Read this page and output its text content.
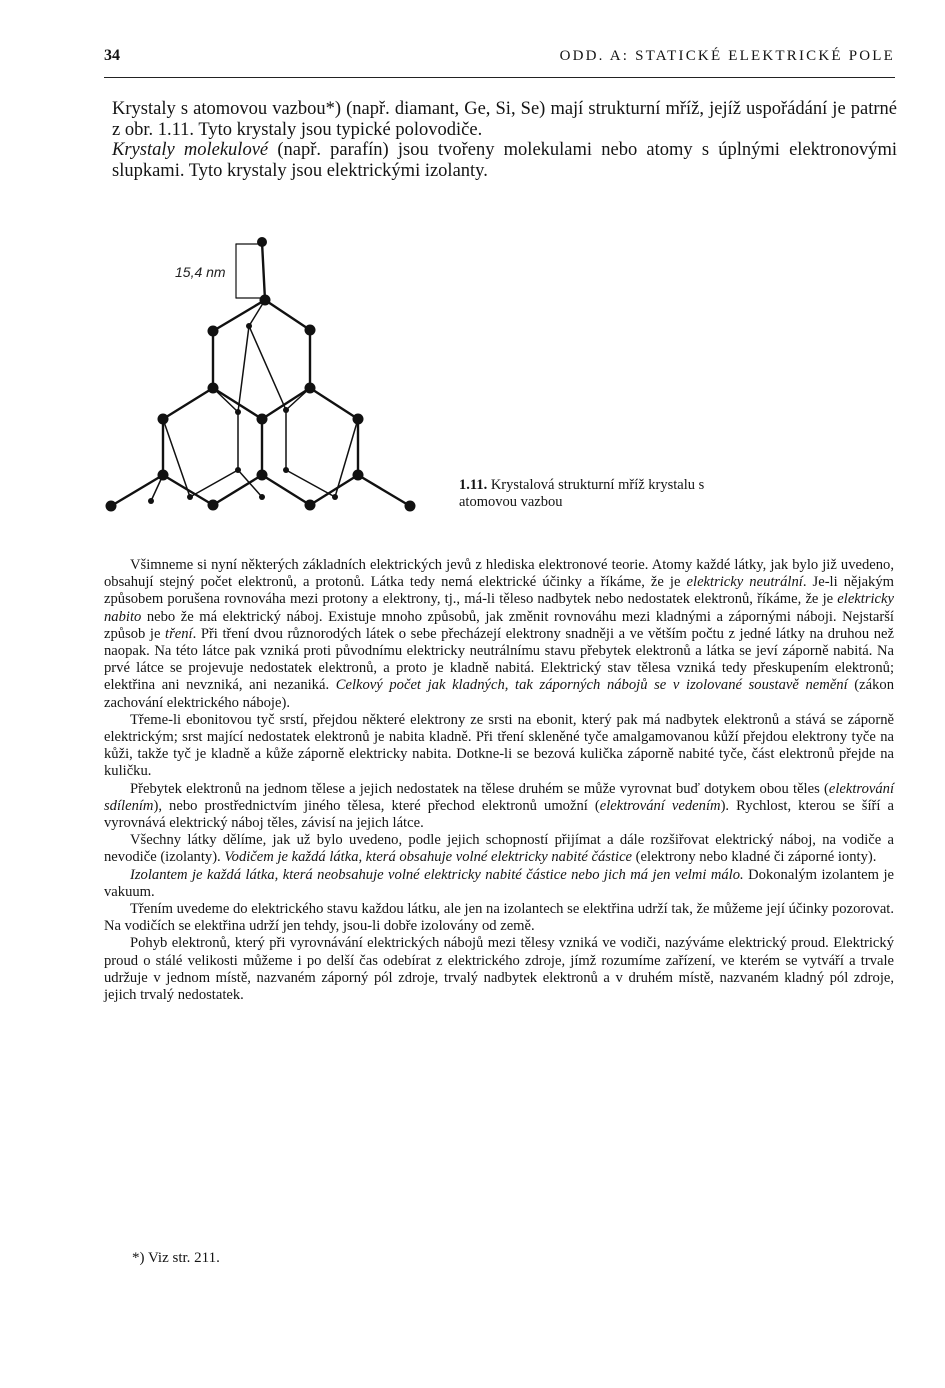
34	ODD. A: STATICKÉ ELEKTRICKÉ POLE

Krystaly s atomovou vazbou*) (např. diamant, Ge, Si, Se) mají strukturní mříž, jejíž uspořádání je patrné z obr. 1.11. Tyto krystaly jsou typické polovodiče.

Krystaly molekulové (např. parafín) jsou tvořeny molekulami nebo atomy s úplnými elektronovými slupkami. Tyto krystaly jsou elektrickými izolanty.

15,4 nm
1.11. Krystalová strukturní mříž krystalu s atomovou vazbou

Všimneme si nyní některých základních elektrických jevů z hlediska elektronové teorie. Atomy každé látky, jak bylo již uvedeno, obsahují stejný počet elektronů, a protonů. Látka tedy nemá elektrické účinky a říkáme, že je elektricky neutrální. Je-li nějakým způsobem porušena rovnováha mezi protony a elektrony, tj., má-li těleso nadbytek nebo nedostatek elektronů, říkáme, že je elektricky nabito nebo že má elektrický náboj. Existuje mnoho způsobů, jak změnit rovnováhu mezi kladnými a zápornými náboji. Nejstarší způsob je tření. Při tření dvou různorodých látek o sebe přecházejí elektrony snadněji a ve větším počtu z jedné látky na druhou než naopak. Na této látce pak vzniká proti původnímu elektricky neutrálnímu stavu přebytek elektronů a látka se jeví záporně nabitá. Na prvé látce se projevuje nedostatek elektronů, a proto je kladně nabitá. Elektrický stav tělesa vzniká tedy přeskupením elektronů; elektřina ani nevzniká, ani nezaniká. Celkový počet jak kladných, tak záporných nábojů se v izolované soustavě nemění (zákon zachování elektrického náboje).

Třeme-li ebonitovou tyč srstí, přejdou některé elektrony ze srsti na ebonit, který pak má nadbytek elektronů a stává se záporně elektrickým; srst mající nedostatek elektronů je nabita kladně. Při tření skleněné tyče amalgamovanou kůží přejdou elektrony tyče na kůži, takže tyč je kladně a kůže záporně elektricky nabita. Dotkne-li se bezová kulička záporně nabité tyče, část elektronů přejde na kuličku.

Přebytek elektronů na jednom tělese a jejich nedostatek na tělese druhém se může vyrovnat buď dotykem obou těles (elektrování sdílením), nebo prostřednictvím jiného tělesa, které přechod elektronů umožní (elektrování vedením). Rychlost, kterou se šíří a vyrovnává elektrický náboj těles, závisí na jejich látce.

Všechny látky dělíme, jak už bylo uvedeno, podle jejich schopností přijímat a dále rozšiřovat elektrický náboj, na vodiče a nevodiče (izolanty). Vodičem je každá látka, která obsahuje volné elektricky nabité částice (elektrony nebo kladné či záporné ionty).

Izolantem je každá látka, která neobsahuje volné elektricky nabité částice nebo jich má jen velmi málo. Dokonalým izolantem je vakuum.

Třením uvedeme do elektrického stavu každou látku, ale jen na izolantech se elektřina udrží tak, že můžeme její účinky pozorovat. Na vodičích se elektřina udrží jen tehdy, jsou-li dobře izolovány od země.

Pohyb elektronů, který při vyrovnávání elektrických nábojů mezi tělesy vzniká ve vodiči, nazýváme elektrický proud. Elektrický proud o stálé velikosti můžeme i po delší čas odebírat z elektrického zdroje, jímž rozumíme zařízení, ve kterém se vytváří a trvale udržuje v jednom místě, nazvaném záporný pól zdroje, trvalý nadbytek elektronů a v druhém místě, nazvaném kladný pól zdroje, jejich trvalý nedostatek.

*) Viz str. 211.
